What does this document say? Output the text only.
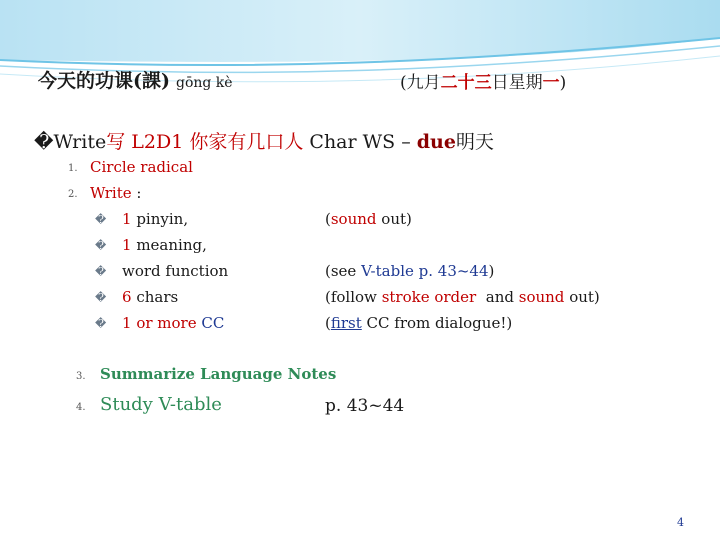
今天的功课(課) gōng kè	(九月二十三日星期一)
�Write写 L2D1 你家有几口人 Char WS – due明天
1. Circle radical
2. Write :
� 1 pinyin,
� 1 meaning,
� word function
� 6 chars
� 1 or more CC
(sound out)
(see V-table p. 43~44)
(follow stroke order and sound out)
(first CC from dialogue!)
3. Summarize Language Notes
4. Study V-table	p. 43~44
4
